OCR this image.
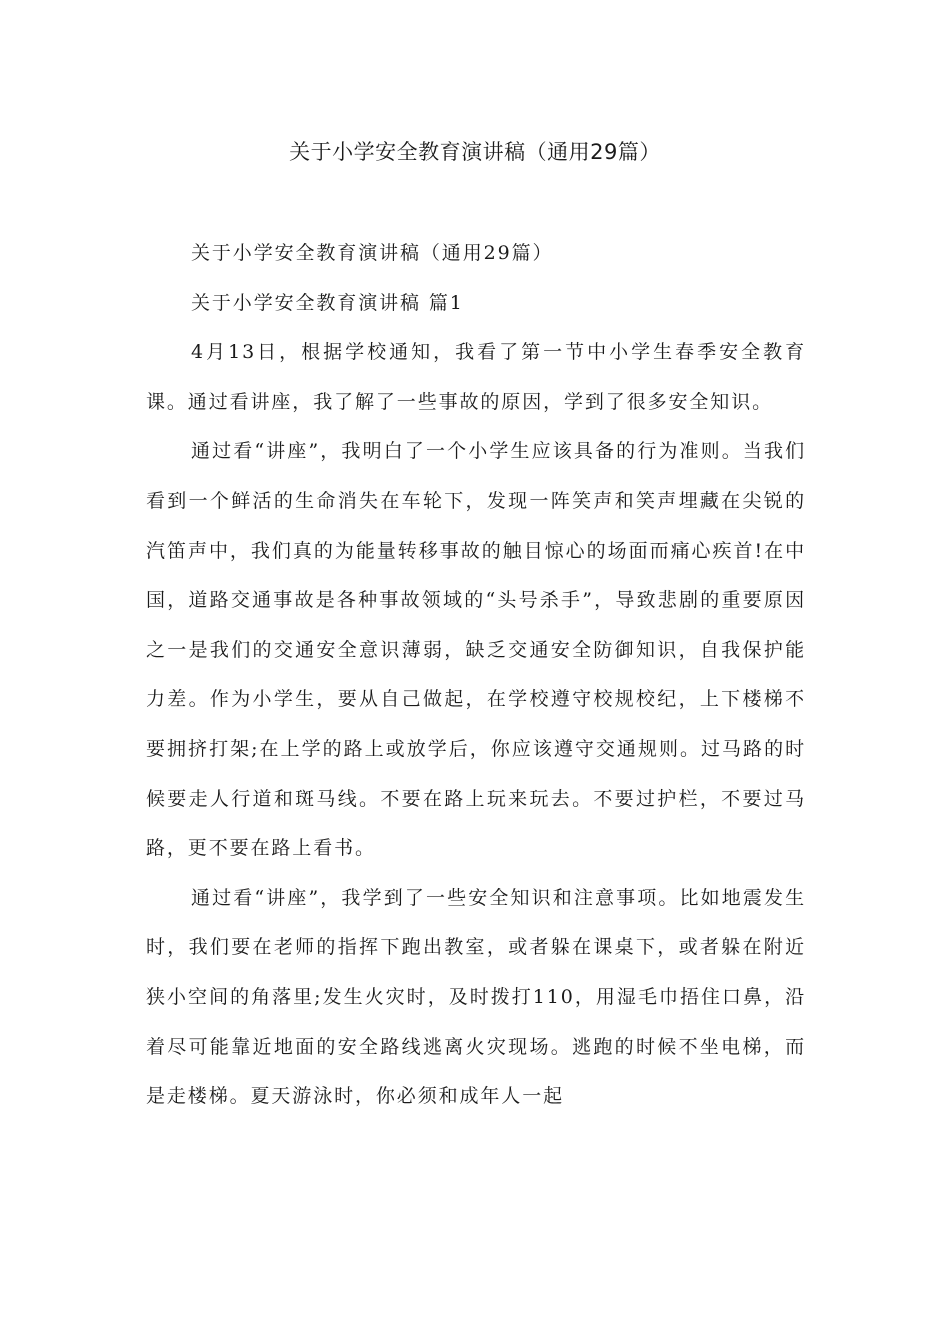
关于小学安全教育演讲稿（通用29篇）

关于小学安全教育演讲稿（通用29篇）

关于小学安全教育演讲稿 篇1

4月13日，根据学校通知，我看了第一节中小学生春季安全教育课。通过看讲座，我了解了一些事故的原因，学到了很多安全知识。

通过看“讲座”，我明白了一个小学生应该具备的行为准则。当我们看到一个鲜活的生命消失在车轮下，发现一阵笑声和笑声埋藏在尖锐的汽笛声中，我们真的为能量转移事故的触目惊心的场面而痛心疾首!在中国，道路交通事故是各种事故领域的“头号杀手”，导致悲剧的重要原因之一是我们的交通安全意识薄弱，缺乏交通安全防御知识，自我保护能力差。作为小学生，要从自己做起，在学校遵守校规校纪，上下楼梯不要拥挤打架;在上学的路上或放学后，你应该遵守交通规则。过马路的时候要走人行道和斑马线。不要在路上玩来玩去。不要过护栏，不要过马路，更不要在路上看书。

通过看“讲座”，我学到了一些安全知识和注意事项。比如地震发生时，我们要在老师的指挥下跑出教室，或者躲在课桌下，或者躲在附近狭小空间的角落里;发生火灾时，及时拨打110，用湿毛巾捂住口鼻，沿着尽可能靠近地面的安全路线逃离火灾现场。逃跑的时候不坐电梯，而是走楼梯。夏天游泳时，你必须和成年人一起
